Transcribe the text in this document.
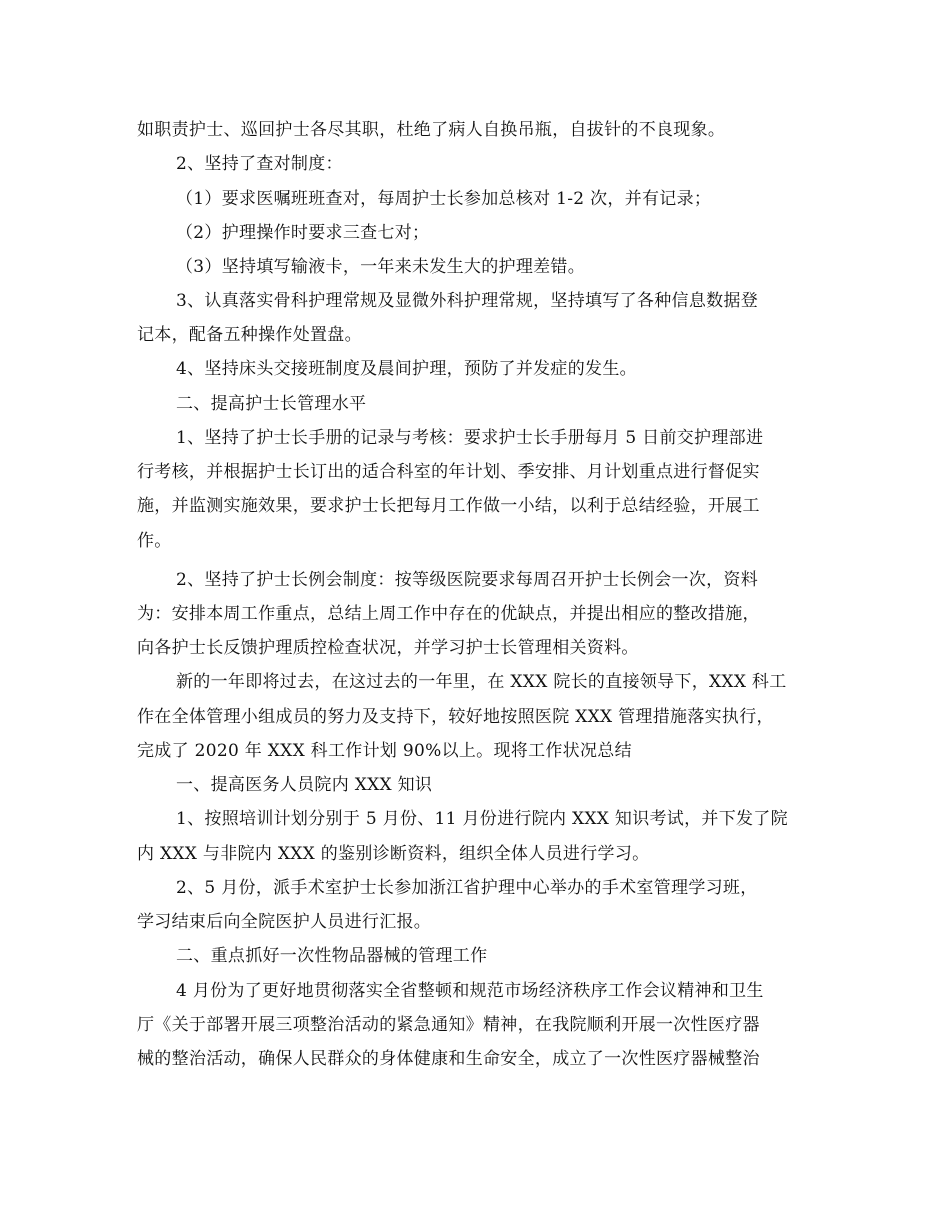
如职责护士、巡回护士各尽其职，杜绝了病人自换吊瓶，自拔针的不良现象。
2、坚持了查对制度：
（1）要求医嘱班班查对，每周护士长参加总核对 1-2 次，并有记录；
（2）护理操作时要求三查七对；
（3）坚持填写输液卡，一年来未发生大的护理差错。
3、认真落实骨科护理常规及显微外科护理常规，坚持填写了各种信息数据登
记本，配备五种操作处置盘。
4、坚持床头交接班制度及晨间护理，预防了并发症的发生。
二、提高护士长管理水平
1、坚持了护士长手册的记录与考核：要求护士长手册每月 5 日前交护理部进
行考核，并根据护士长订出的适合科室的年计划、季安排、月计划重点进行督促实
施，并监测实施效果，要求护士长把每月工作做一小结，以利于总结经验，开展工
作。
2、坚持了护士长例会制度：按等级医院要求每周召开护士长例会一次，资料
为：安排本周工作重点，总结上周工作中存在的优缺点，并提出相应的整改措施，
向各护士长反馈护理质控检查状况，并学习护士长管理相关资料。
新的一年即将过去，在这过去的一年里，在 XXX 院长的直接领导下，XXX 科工
作在全体管理小组成员的努力及支持下，较好地按照医院 XXX 管理措施落实执行，
完成了 2020 年 XXX 科工作计划 90%以上。现将工作状况总结
一、提高医务人员院内 XXX 知识
1、按照培训计划分别于 5 月份、11 月份进行院内 XXX 知识考试，并下发了院
内 XXX 与非院内 XXX 的鉴别诊断资料，组织全体人员进行学习。
2、5 月份，派手术室护士长参加浙江省护理中心举办的手术室管理学习班，
学习结束后向全院医护人员进行汇报。
二、重点抓好一次性物品器械的管理工作
4 月份为了更好地贯彻落实全省整顿和规范市场经济秩序工作会议精神和卫生
厅《关于部署开展三项整治活动的紧急通知》精神，在我院顺利开展一次性医疗器
械的整治活动，确保人民群众的身体健康和生命安全，成立了一次性医疗器械整治
